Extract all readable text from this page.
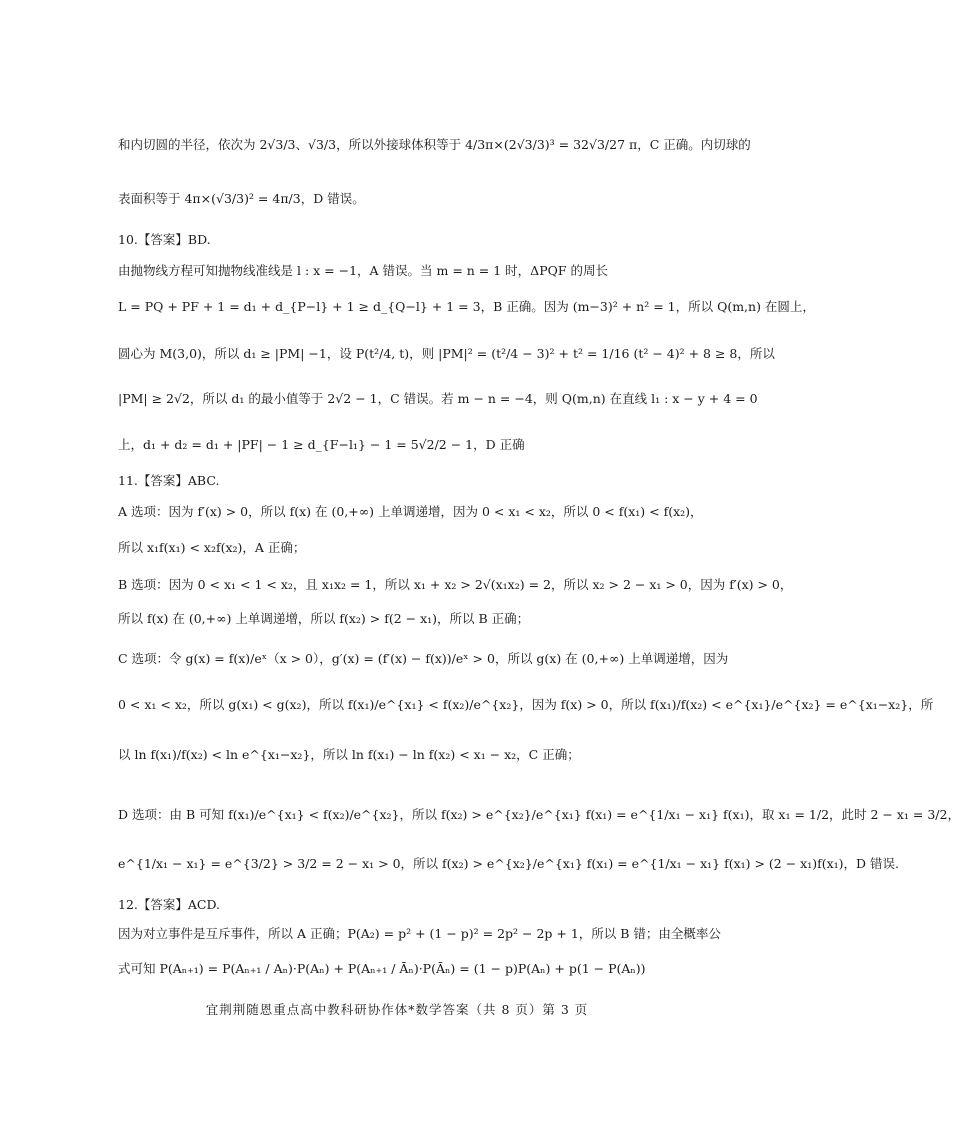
和内切圆的半径，依次为 2√3/3、√3/3，所以外接球体积等于 4/3π×(2√3/3)³ = 32√3/27 π，C 正确。内切球的
表面积等于 4π×(√3/3)² = 4π/3，D 错误。
10.【答案】BD.
由抛物线方程可知抛物线准线是 l : x = −1，A 错误。当 m = n = 1 时，ΔPQF 的周长
L = PQ + PF + 1 = d₁ + d_{P−l} + 1 ≥ d_{Q−l} + 1 = 3，B 正确。因为 (m−3)² + n² = 1，所以 Q(m,n) 在圆上，
圆心为 M(3,0)，所以 d₁ ≥ |PM| −1，设 P(t²/4, t)，则 |PM|² = (t²/4 − 3)² + t² = 1/16 (t² − 4)² + 8 ≥ 8，所以
|PM| ≥ 2√2，所以 d₁ 的最小值等于 2√2 − 1，C 错误。若 m − n = −4，则 Q(m,n) 在直线 l₁ : x − y + 4 = 0
上，d₁ + d₂ = d₁ + |PF| − 1 ≥ d_{F−l₁} − 1 = 5√2/2 − 1，D 正确
11.【答案】ABC.
A 选项：因为 f′(x) > 0，所以 f(x) 在 (0,+∞) 上单调递增，因为 0 < x₁ < x₂，所以 0 < f(x₁) < f(x₂)，
所以 x₁f(x₁) < x₂f(x₂)，A 正确；
B 选项：因为 0 < x₁ < 1 < x₂，且 x₁x₂ = 1，所以 x₁ + x₂ > 2√(x₁x₂) = 2，所以 x₂ > 2 − x₁ > 0，因为 f′(x) > 0，
所以 f(x) 在 (0,+∞) 上单调递增，所以 f(x₂) > f(2 − x₁)，所以 B 正确；
C 选项：令 g(x) = f(x)/eˣ（x > 0），g′(x) = (f′(x) − f(x))/eˣ > 0，所以 g(x) 在 (0,+∞) 上单调递增，因为
0 < x₁ < x₂，所以 g(x₁) < g(x₂)，所以 f(x₁)/e^{x₁} < f(x₂)/e^{x₂}，因为 f(x) > 0，所以 f(x₁)/f(x₂) < e^{x₁}/e^{x₂} = e^{x₁−x₂}，所
以 ln f(x₁)/f(x₂) < ln e^{x₁−x₂}，所以 ln f(x₁) − ln f(x₂) < x₁ − x₂，C 正确；
D 选项：由 B 可知 f(x₁)/e^{x₁} < f(x₂)/e^{x₂}，所以 f(x₂) > e^{x₂}/e^{x₁} f(x₁) = e^{1/x₁ − x₁} f(x₁)，取 x₁ = 1/2，此时 2 − x₁ = 3/2，
e^{1/x₁ − x₁} = e^{3/2} > 3/2 = 2 − x₁ > 0，所以 f(x₂) > e^{x₂}/e^{x₁} f(x₁) = e^{1/x₁ − x₁} f(x₁) > (2 − x₁)f(x₁)，D 错误.
12.【答案】ACD.
因为对立事件是互斥事件，所以 A 正确；P(A₂) = p² + (1 − p)² = 2p² − 2p + 1，所以 B 错；由全概率公
式可知 P(Aₙ₊₁) = P(Aₙ₊₁ / Aₙ)·P(Aₙ) + P(Aₙ₊₁ / Āₙ)·P(Āₙ) = (1 − p)P(Aₙ) + p(1 − P(Aₙ))
宜荆荆随恩重点高中教科研协作体*数学答案（共 8 页）第 3 页
